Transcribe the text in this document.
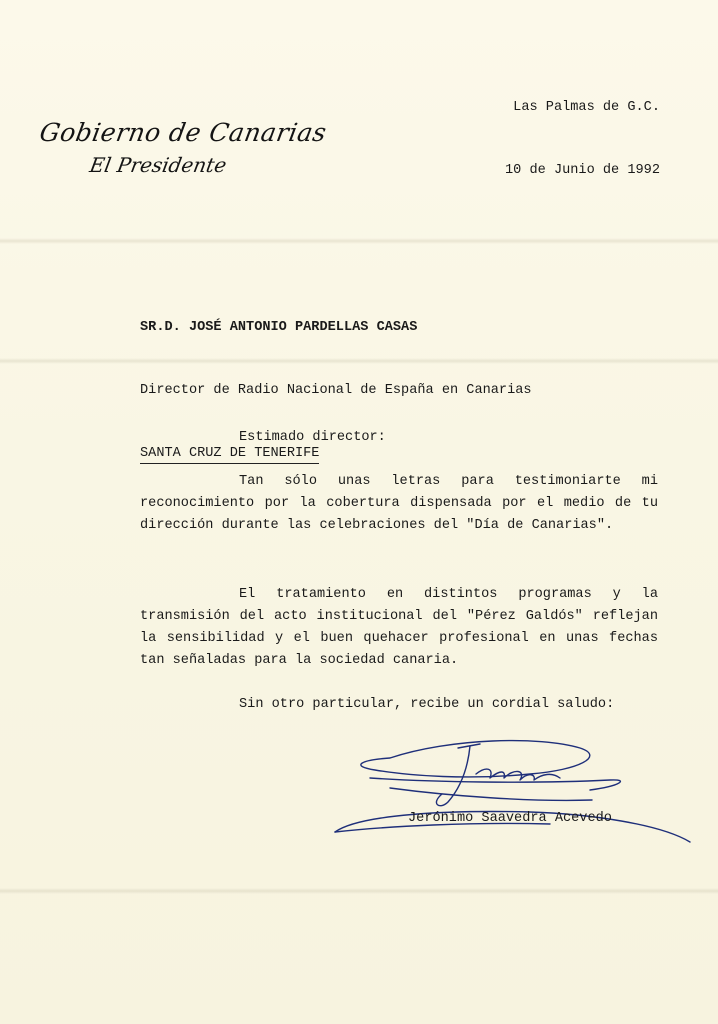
Las Palmas de G.C.

10 de Junio de 1992

Gobierno de Canarias
El Presidente

SR.D. JOSÉ ANTONIO PARDELLAS CASAS

Director de Radio Nacional de España en Canarias

SANTA CRUZ DE TENERIFE

Estimado director:
Tan sólo unas letras para testimoniarte mi reconocimiento por la cobertura dispensada por el medio de tu dirección durante las celebraciones del "Día de Canarias".
El tratamiento en distintos programas y la transmisión del acto institucional del "Pérez Galdós" reflejan la sensibilidad y el buen quehacer profesional en unas fechas tan señaladas para la sociedad canaria.
Sin otro particular, recibe un cordial saludo:
Jerónimo Saavedra Acevedo
